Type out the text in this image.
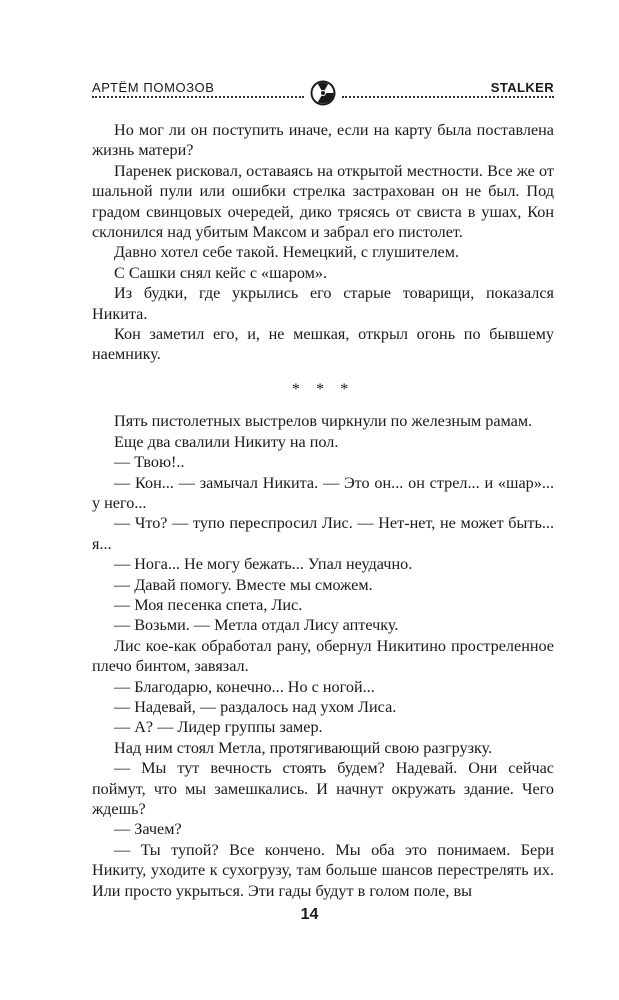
АРТЁМ ПОМОЗОВ	STALKER

Но мог ли он поступить иначе, если на карту была поставлена жизнь матери?

Паренек рисковал, оставаясь на открытой местности. Все же от шальной пули или ошибки стрелка застрахован он не был. Под градом свинцовых очередей, дико трясясь от свиста в ушах, Кон склонился над убитым Максом и забрал его пистолет.

Давно хотел себе такой. Немецкий, с глушителем.

С Сашки снял кейс с «шаром».

Из будки, где укрылись его старые товарищи, показался Никита.

Кон заметил его, и, не мешкая, открыл огонь по бывшему наемнику.

* * *

Пять пистолетных выстрелов чиркнули по железным рамам.

Еще два свалили Никиту на пол.

— Твою!..

— Кон... — замычал Никита. — Это он... он стрел... и «шар»... у него...

— Что? — тупо переспросил Лис. — Нет-нет, не может быть... я...

— Нога... Не могу бежать... Упал неудачно.

— Давай помогу. Вместе мы сможем.

— Моя песенка спета, Лис.

— Возьми. — Метла отдал Лису аптечку.

Лис кое-как обработал рану, обернул Никитино простреленное плечо бинтом, завязал.

— Благодарю, конечно... Но с ногой...

— Надевай, — раздалось над ухом Лиса.

— А? — Лидер группы замер.

Над ним стоял Метла, протягивающий свою разгрузку.

— Мы тут вечность стоять будем? Надевай. Они сейчас поймут, что мы замешкались. И начнут окружать здание. Чего ждешь?

— Зачем?

— Ты тупой? Все кончено. Мы оба это понимаем. Бери Никиту, уходите к сухогрузу, там больше шансов перестрелять их. Или просто укрыться. Эти гады будут в голом поле, вы

14
